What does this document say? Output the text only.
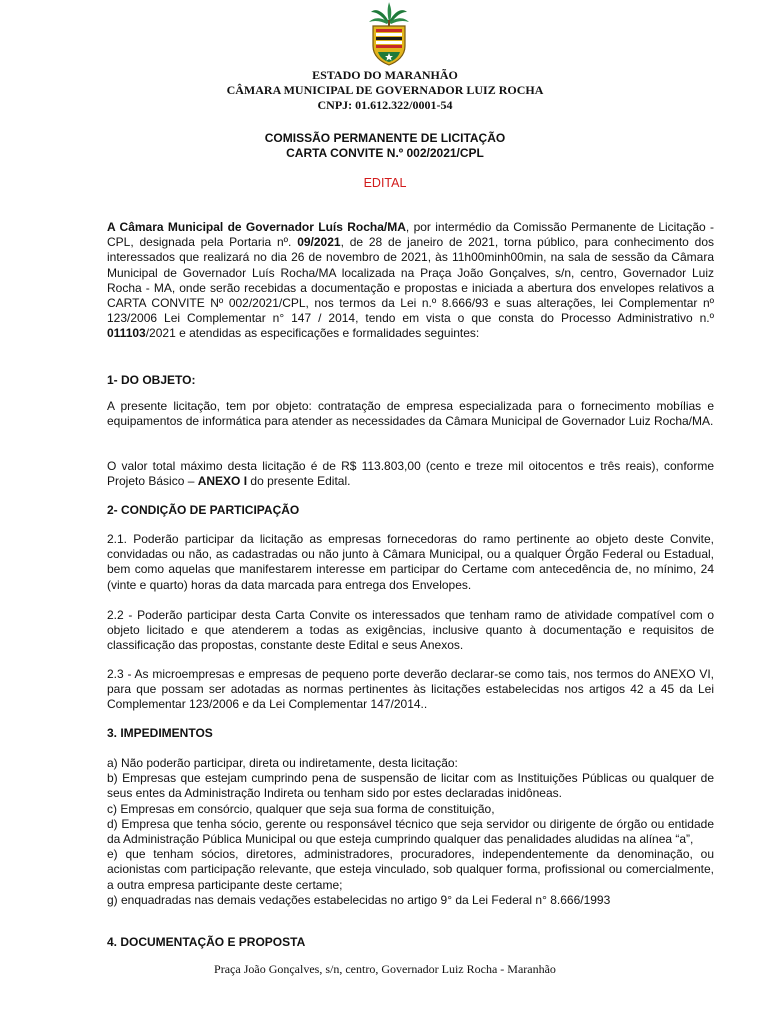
ESTADO DO MARANHÃO
CÂMARA MUNICIPAL DE GOVERNADOR LUIZ ROCHA
CNPJ: 01.612.322/0001-54
COMISSÃO PERMANENTE DE LICITAÇÃO
CARTA CONVITE N.º 002/2021/CPL
EDITAL

A Câmara Municipal de Governador Luís Rocha/MA, por intermédio da Comissão Permanente de Licitação - CPL, designada pela Portaria nº. 09/2021, de 28 de janeiro de 2021, torna público, para conhecimento dos interessados que realizará no dia 26 de novembro de 2021, às 11h00minh00min, na sala de sessão da Câmara Municipal de Governador Luís Rocha/MA localizada na Praça João Gonçalves, s/n, centro, Governador Luiz Rocha - MA, onde serão recebidas a documentação e propostas e iniciada a abertura dos envelopes relativos a CARTA CONVITE Nº 002/2021/CPL, nos termos da Lei n.º 8.666/93 e suas alterações, lei Complementar nº 123/2006 Lei Complementar n° 147 / 2014, tendo em vista o que consta do Processo Administrativo n.º 011103/2021 e atendidas as especificações e formalidades seguintes:

1- DO OBJETO:

A presente licitação, tem por objeto: contratação de empresa especializada para o fornecimento mobílias e equipamentos de informática para atender as necessidades da Câmara Municipal de Governador Luiz Rocha/MA.

O valor total máximo desta licitação é de R$ 113.803,00 (cento e treze mil oitocentos e três reais), conforme Projeto Básico – ANEXO I do presente Edital.

2- CONDIÇÃO DE PARTICIPAÇÃO

2.1. Poderão participar da licitação as empresas fornecedoras do ramo pertinente ao objeto deste Convite, convidadas ou não, as cadastradas ou não junto à Câmara Municipal, ou a qualquer Órgão Federal ou Estadual, bem como aquelas que manifestarem interesse em participar do Certame com antecedência de, no mínimo, 24 (vinte e quarto) horas da data marcada para entrega dos Envelopes.

2.2 - Poderão participar desta Carta Convite os interessados que tenham ramo de atividade compatível com o objeto licitado e que atenderem a todas as exigências, inclusive quanto à documentação e requisitos de classificação das propostas, constante deste Edital e seus Anexos.

2.3 - As microempresas e empresas de pequeno porte deverão declarar-se como tais, nos termos do ANEXO VI, para que possam ser adotadas as normas pertinentes às licitações estabelecidas nos artigos 42 a 45 da Lei Complementar 123/2006 e da Lei Complementar 147/2014..

3. IMPEDIMENTOS

a) Não poderão participar, direta ou indiretamente, desta licitação:
b) Empresas que estejam cumprindo pena de suspensão de licitar com as Instituições Públicas ou qualquer de seus entes da Administração Indireta ou tenham sido por estes declaradas inidôneas.
c) Empresas em consórcio, qualquer que seja sua forma de constituição,
d) Empresa que tenha sócio, gerente ou responsável técnico que seja servidor ou dirigente de órgão ou entidade da Administração Pública Municipal ou que esteja cumprindo qualquer das penalidades aludidas na alínea “a”,
e) que tenham sócios, diretores, administradores, procuradores, independentemente da denominação, ou acionistas com participação relevante, que esteja vinculado, sob qualquer forma, profissional ou comercialmente, a outra empresa participante deste certame;
g) enquadradas nas demais vedações estabelecidas no artigo 9° da Lei Federal n° 8.666/1993

4. DOCUMENTAÇÃO E PROPOSTA

Praça João Gonçalves, s/n, centro, Governador Luiz Rocha - Maranhão
